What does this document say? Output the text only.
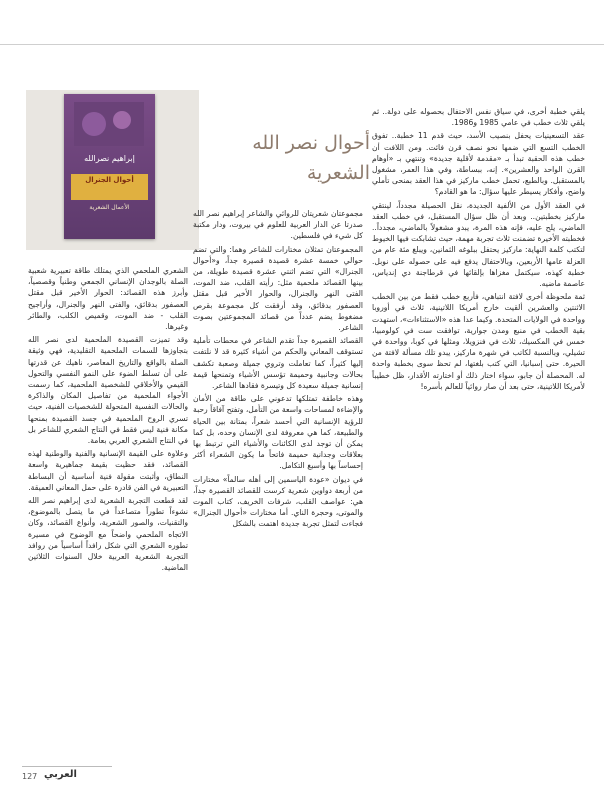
إبراهيم نصرالله
أحوال الجنرال
الأعمال الشعرية
أحوال نصر الله
الشعرية

يلقي خطبة أخرى، في سياق نفس الاحتفال بحصوله على دولة.. ثم يلقي ثلاث خطب في عامي 1985 و1986.

عقد التسعينيات يحفل بنصيب الأسد، حيث قدم 11 خطبة.. تفوق الخطب التسع التي ضمها نحو نصف قرن فائت. ومن اللافت أن خطب هذه الحقبة تبدأ بـ «مقدمة لأقلية جديدة» وتنتهي بـ «أوهام القرن الواحد والعشرين». إنه، ببساطة، وفي هذا العمر، مشغول بالمستقبل. وبالطبع، تحمل خطب ماركيز في هذا العقد بمنحى تأملي واضح، وأفكار يسيطر عليها سؤال: ما هو القادم؟

في العقد الأول من الألفية الجديدة، نقل الحصيلة مجدداً، لينتقي ماركيز بخطبتين.. وبعد أن ظل سؤال المستقبل، في خطب العقد الماضي، يلح عليه، فإنه هذه المرة، يبدو مشغولاً بالماضي، مجدداً.. فخطبته الأخيرة تضمنت ثلاث تجربة مهمة، حيث تشابكت فيها الخيوط لتكتب كلمة النهاية: ماركيز يحتفل ببلوغه الثمانين، ويبلغ مئة عام من العزلة عامها الأربعين، وبالاحتفال يدفع فيه على حصوله على نوبل. خطبة كهذه، سيكتمل مغزاها بإلقائها في قرطاجنة دي إندياس، عاصمة ماضيه.

ثمة ملحوظة أخرى لافتة انتباهي، فأربع خطب فقط من بين الخطب الاثنتين والعشرين ألقيت خارج أمريكا اللاتينية، ثلاث في أوروبا وواحدة في الولايات المتحدة. وكيما عدا هذه «الاستثناءات»، استهدت بقية الخطب في منبع ومدن جوارية، توافقت ست في كولومبيا، خمس في المكسيك، ثلاث في فنزويلا، ومثلها في كوبا، وواحدة في تشيلي، وبالنسبة لكاتب في شهرة ماركيز، يبدو تلك مسألة لافتة من الحيرة. حتى إسبانيا، التي كتب بلغتها، لم تحظ سوى بخطبة واحدة له. المحصلة أن جابو، سواء اختار ذلك أو اختارته الأقدار، ظل خطيباً لأمريكا اللاتينية، حتى بعد أن صار روائياً للعالم بأسره!

مجموعتان شعريتان للروائي والشاعر إبراهيم نصر الله صدرتا عن الدار العربية للعلوم في بيروت، ودار مكتبة كل شيء في فلسطين.

المجموعتان تمثلان مختارات للشاعر وهما: والتي تضم حوالي خمسة عشرة قصيدة قصيرة جداً، و«أحوال الجنرال» التي تضم اثنتي عشرة قصيدة طويلة، من بينها القصائد ملحمية مثل: رأيته القلب، ضد الموت، الفتى النهر والجنرال، والحوار الأخير قبل مقتل العصفور بدقائق، وقد أرفقت كل مجموعة بقرص مضغوط يضم عدداً من قصائد المجموعتين بصوت الشاعر.

القصائد القصيرة جداً تقدم الشاعر في محطات تأملية تستوقف المعاني والحكم من أشياء كثيرة قد لا نلتفت إليها كثيراً، كما تعاملت وتروي جميلة وصعبة تكشف بحالات وجانبية وحميمة تؤسس الأشياء وتمنحها قيمة إنسانية جميلة سعيدة كل وتيسرة فقادها الشاعر.

وهذه خاطفة تمتلكها تدعوني على طاقة من الأمان والإضاءة لمساحات واسعة من التأمل، وتفتح آفاقاً رحبة للرؤية الإنسانية التي أحسد شعراً، بمتانة بين الحياة والطبيعة، كما هي معروفة لدى الإنسان وحده، بل كما يمكن أن توجد لدى الكائنات والأشياء التي ترتبط بها بعلاقات وجدانية حميمة فاتحاً ما يكون الشعراء أكثر إحساساً بها وأسبغ التكامل.

في ديوان «عودة الياسمين إلى أهله سالماً» مختارات من أربعة دواوين شعرية كرست للقصائد القصيرة جداً، هي: عواصف القلب، شرفات الخريف، كتاب الموت والموتى، وحجرة الناي. أما مختارات «أحوال الجنرال» فجاءت لتمثل تجربة جديدة اهتمت بالشكل

الشعري الملحمي الذي يمتلك طاقة تعبيرية شعبية الصلة بالوجدان الإنساني الجمعي وطنياً وقصصياً، وأبرز هذه القصائد: الحوار الأخير قبل مقتل العصفور بدقائق، والفتى النهر والجنرال، وأراجيح القلب - ضد الموت، وقميص الكلب، والطائر وغيرها.

وقد تميزت القصيدة الملحمية لدى نصر الله بتجاوزها للسمات الملحمية التقليدية، فهي وثيقة الصلة بالواقع والتاريخ المعاصر، ناهيك عن قدرتها على أن تسلط الضوء على النمو النفسي والتحول القيمي والأخلاقي للشخصية الملحمية، كما رسمت الأجواء الملحمية من تفاصيل المكان والذاكرة والحالات النفسية المتحولة للشخصيات الفنية، حيث تسري الروح الملحمية في جسد القصيدة بمنحها مكانة فنية ليس فقط في النتاج الشعري للشاعر بل في النتاج الشعري العربي بعامة.

وعلاوة على القيمة الإنسانية والفنية والوطنية لهذه القصائد، فقد حظيت بقيمة جماهيرية واسعة النطاق، وأثبتت مقولة فنية أساسية أن البساطة التعبيرية في الفن قادرة على حمل المعاني العميقة.

لقد قطعت التجربة الشعرية لدى إبراهيم نصر الله نشوءاً تطوراً متصاعداً في ما يتصل بالموضوع، والتقنيات، والصور الشعرية، وأنواع القصائد، وكان الاتجاه الملحمي واضحاً مع الوضوح في مسيرة تطوره الشعري التي شكل رافداً أساسياً من روافد التجربة الشعرية العربية خلال السنوات الثلاثين الماضية.

127 العربي
